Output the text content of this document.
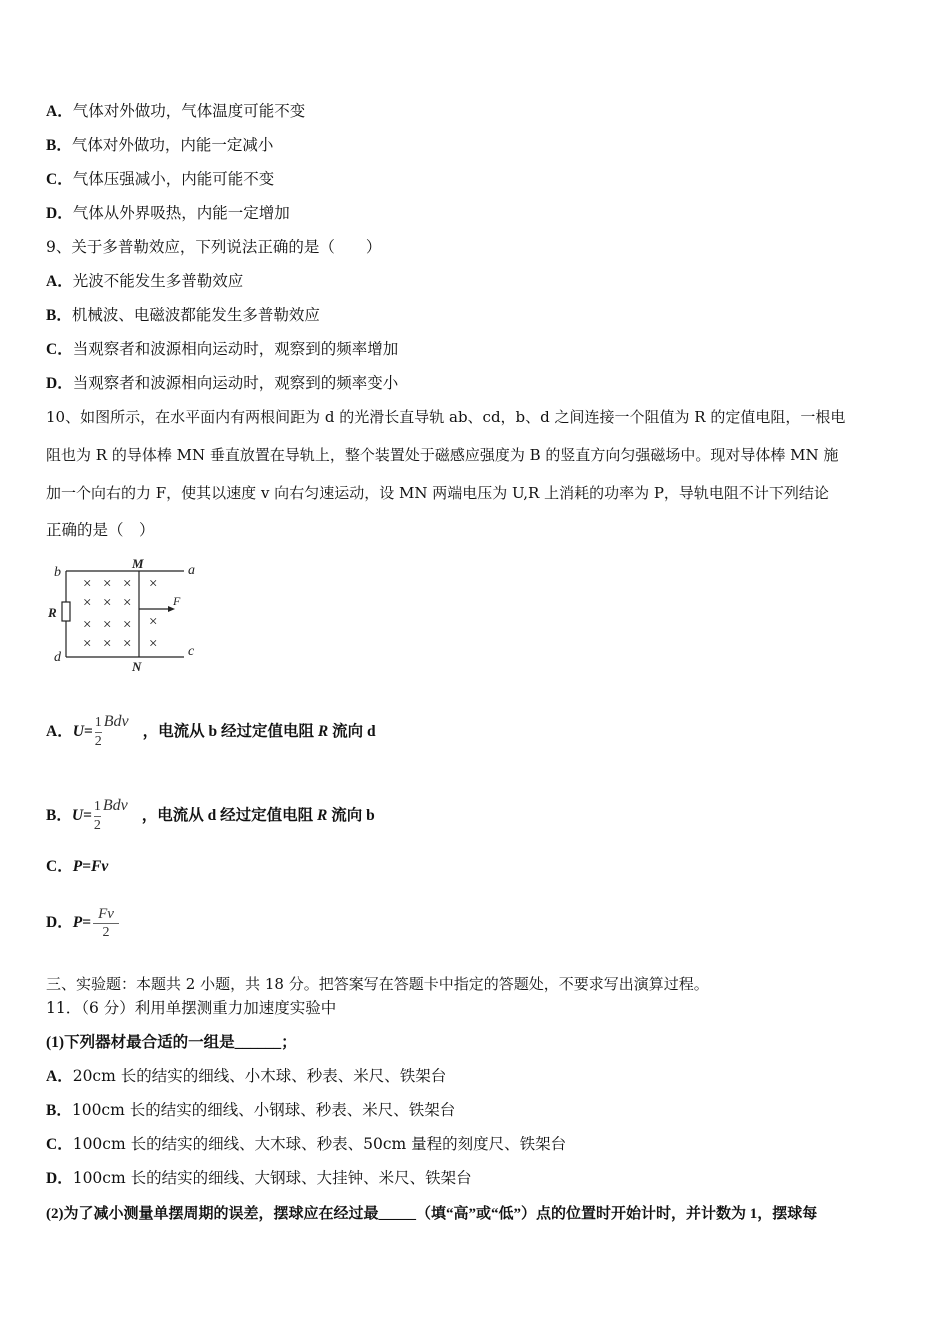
A．气体对外做功，气体温度可能不变
B．气体对外做功，内能一定减小
C．气体压强减小，内能可能不变
D．气体从外界吸热，内能一定增加
9、关于多普勒效应，下列说法正确的是（　　）
A．光波不能发生多普勒效应
B．机械波、电磁波都能发生多普勒效应
C．当观察者和波源相向运动时，观察到的频率增加
D．当观察者和波源相向运动时，观察到的频率变小
10、如图所示，在水平面内有两根间距为 d 的光滑长直导轨 ab、cd，b、d 之间连接一个阻值为 R 的定值电阻，一根电
阻也为 R 的导体棒 MN 垂直放置在导轨上，整个装置处于磁感应强度为 B 的竖直方向匀强磁场中。现对导体棒 MN 施
加一个向右的力 F，使其以速度 v 向右匀速运动，设 MN 两端电压为 U,R 上消耗的功率为 P，导轨电阻不计下列结论
正确的是（　）
b	a
d	c
M
N
R
F
× × × ×
× × ×
× × × ×
× × × ×
A．$U= \frac{1}{2}$ Bdv，电流从 b 经过定值电阻 R 流向 d
B．$U= \frac{1}{2}$ Bdv，电流从 d 经过定值电阻 R 流向 b
C．P=Fv
D．$P= \frac{Fv}{2}$
三、实验题：本题共 2 小题，共 18 分。把答案写在答题卡中指定的答题处，不要求写出演算过程。
11．（6 分）利用单摆测重力加速度实验中
(1)下列器材最合适的一组是______；
A．20cm 长的结实的细线、小木球、秒表、米尺、铁架台
B．100cm 长的结实的细线、小钢球、秒表、米尺、铁架台
C．100cm 长的结实的细线、大木球、秒表、50cm 量程的刻度尺、铁架台
D．100cm 长的结实的细线、大钢球、大挂钟、米尺、铁架台
(2)为了减小测量单摆周期的误差，摆球应在经过最_____（填“高”或“低”）点的位置时开始计时，并计数为 1，摆球每
